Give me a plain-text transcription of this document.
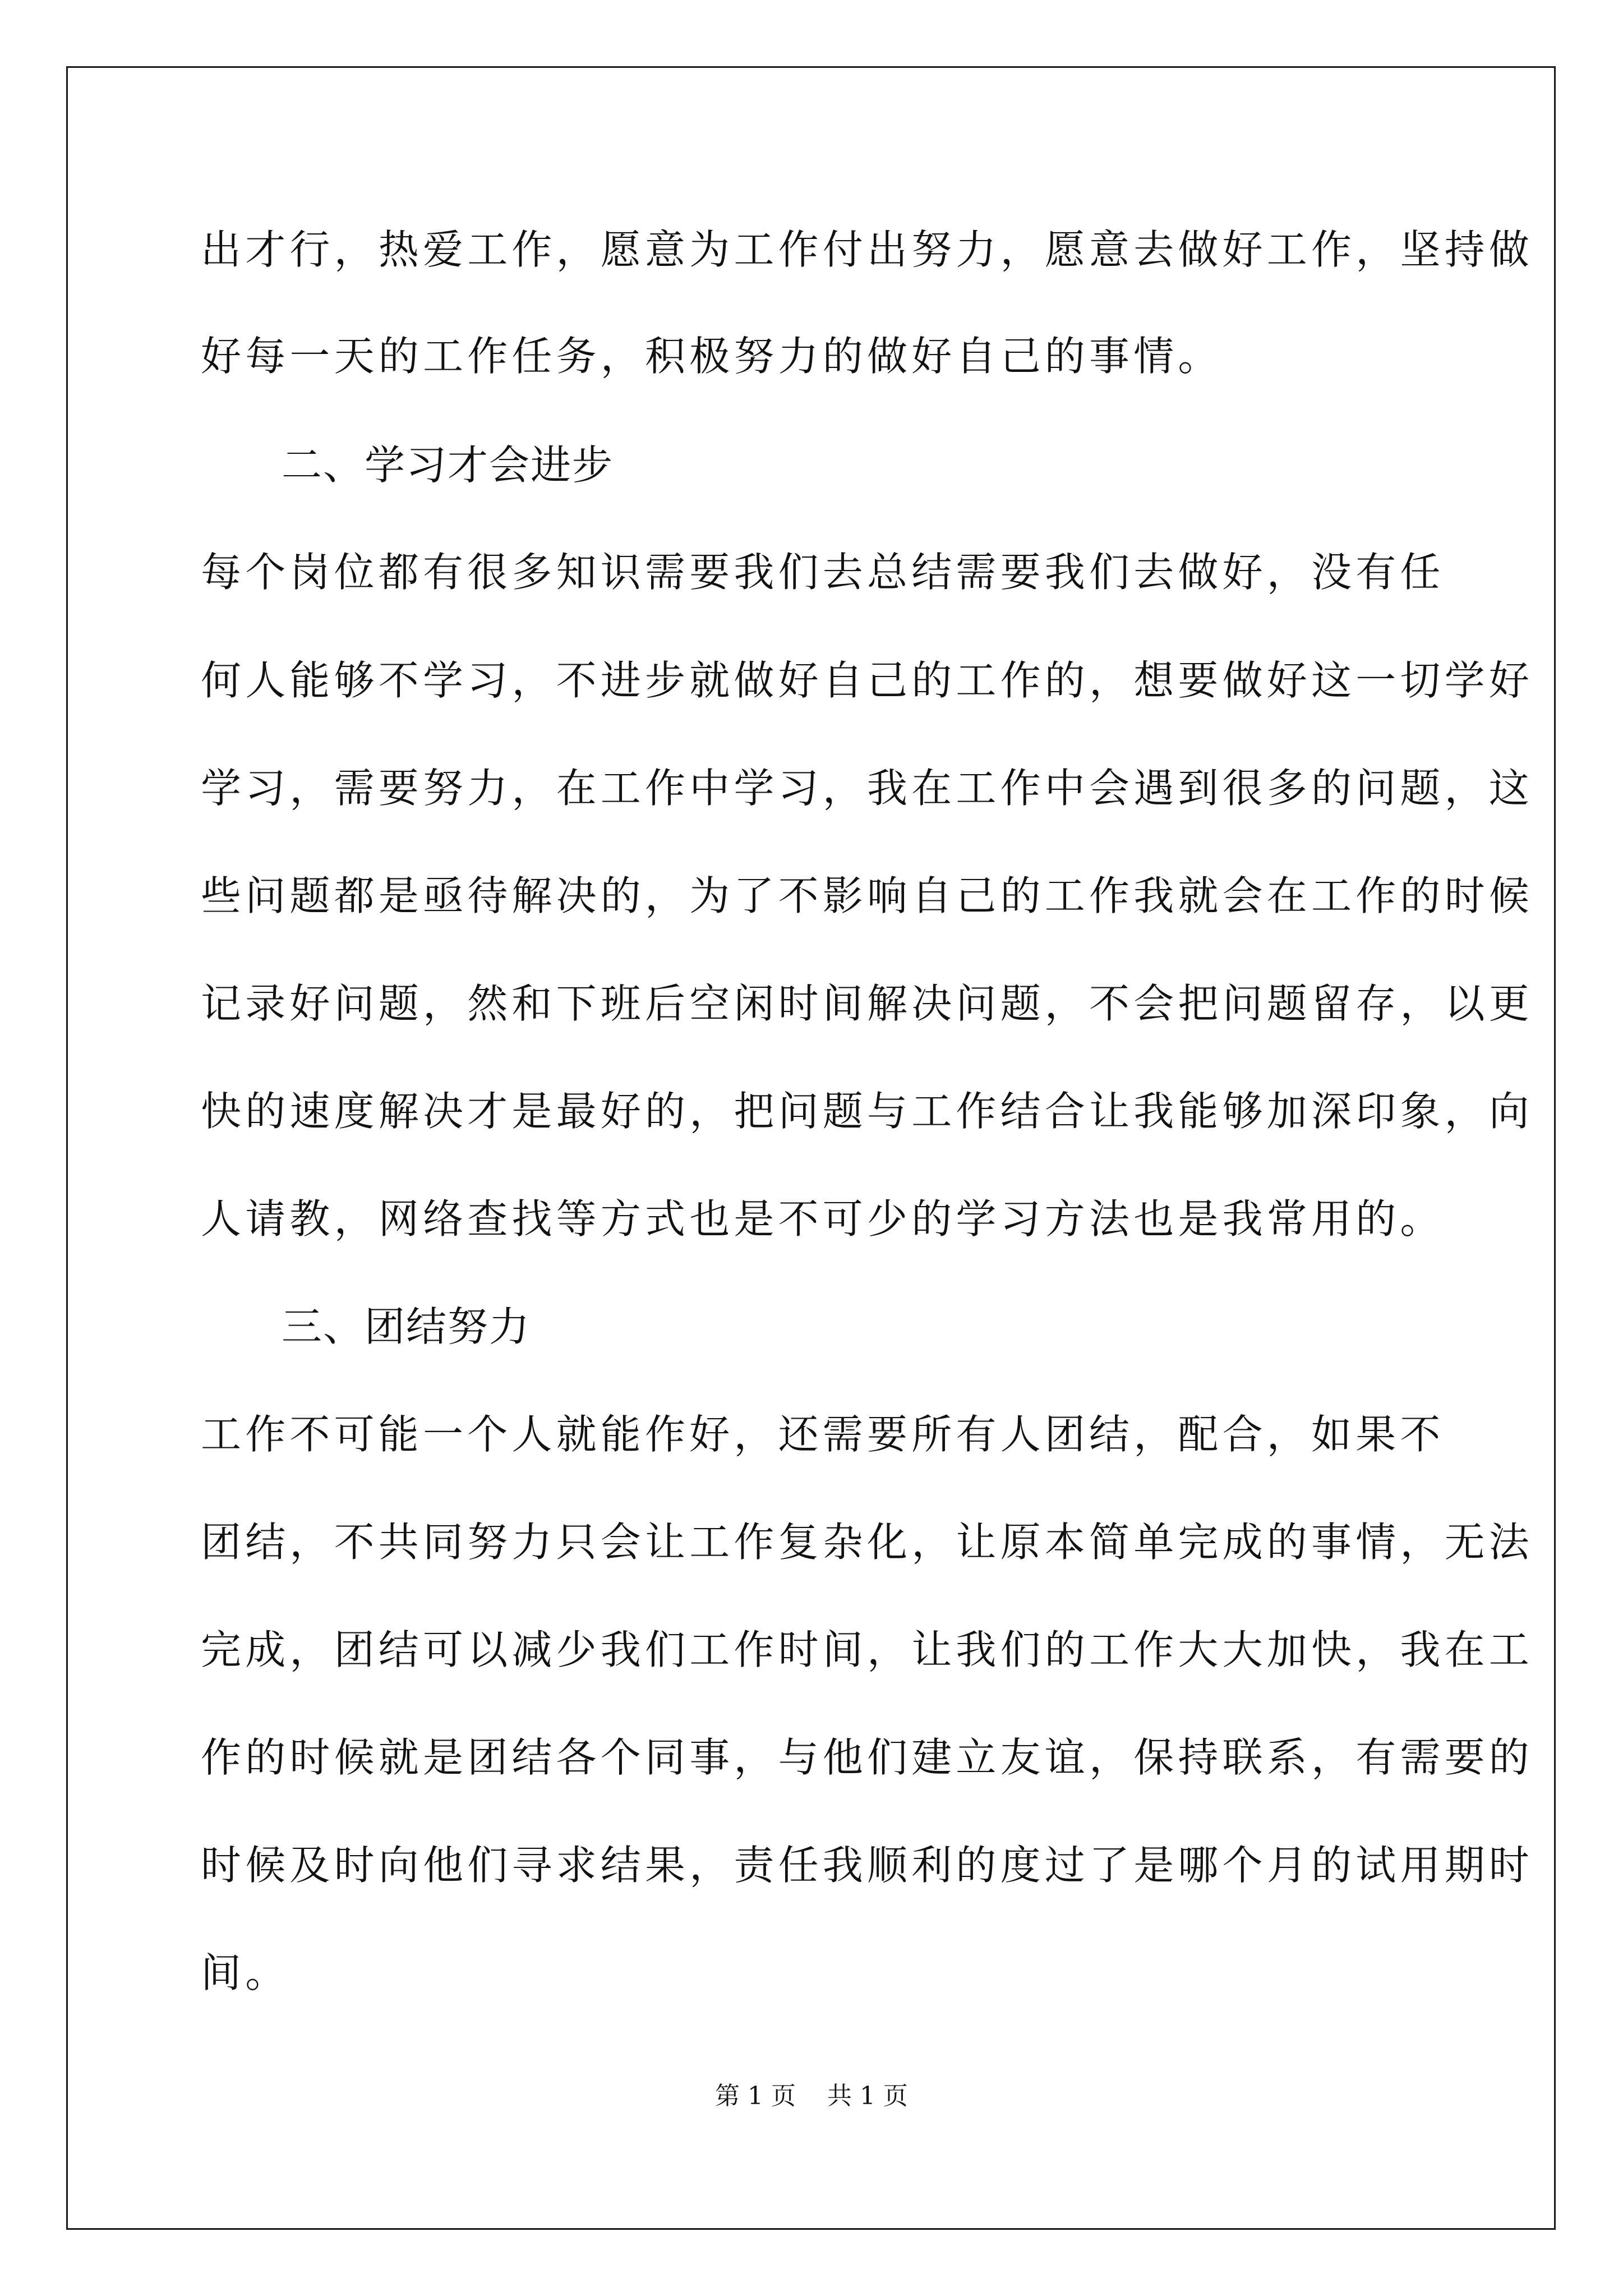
出才行，热爱工作，愿意为工作付出努力，愿意去做好工作，坚持做
好每一天的工作任务，积极努力的做好自己的事情。
二、学习才会进步
每个岗位都有很多知识需要我们去总结需要我们去做好，没有任
何人能够不学习，不进步就做好自己的工作的，想要做好这一切学好
学习，需要努力，在工作中学习，我在工作中会遇到很多的问题，这
些问题都是亟待解决的，为了不影响自己的工作我就会在工作的时候
记录好问题，然和下班后空闲时间解决问题，不会把问题留存，以更
快的速度解决才是最好的，把问题与工作结合让我能够加深印象，向
人请教，网络查找等方式也是不可少的学习方法也是我常用的。
三、团结努力
工作不可能一个人就能作好，还需要所有人团结，配合，如果不
团结，不共同努力只会让工作复杂化，让原本简单完成的事情，无法
完成，团结可以减少我们工作时间，让我们的工作大大加快，我在工
作的时候就是团结各个同事，与他们建立友谊，保持联系，有需要的
时候及时向他们寻求结果，责任我顺利的度过了是哪个月的试用期时
间。
第 1 页    共 1 页
